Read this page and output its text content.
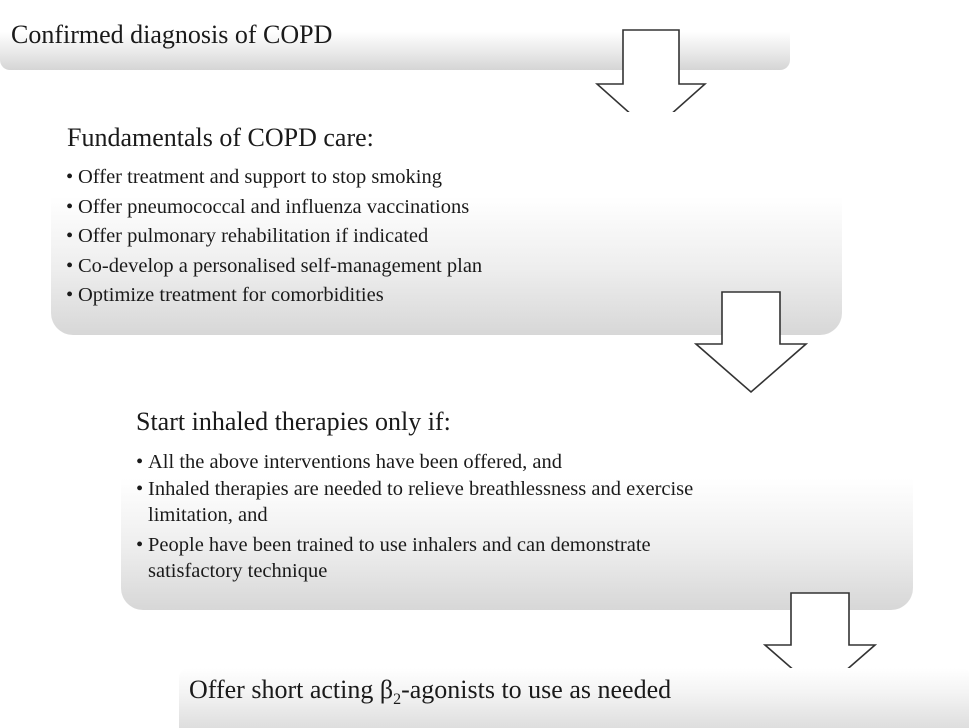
Confirmed diagnosis of COPD
Fundamentals of COPD care:
• Offer treatment and support to stop smoking
• Offer pneumococcal and influenza vaccinations
• Offer pulmonary rehabilitation if indicated
• Co-develop a personalised self-management plan
• Optimize treatment for comorbidities
Start inhaled therapies only if:
• All the above interventions have been offered, and
• Inhaled therapies are needed to relieve breathlessness and exercise limitation, and
• People have been trained to use inhalers and can demonstrate satisfactory technique
Offer short acting $\beta_2$-agonists to use as needed
